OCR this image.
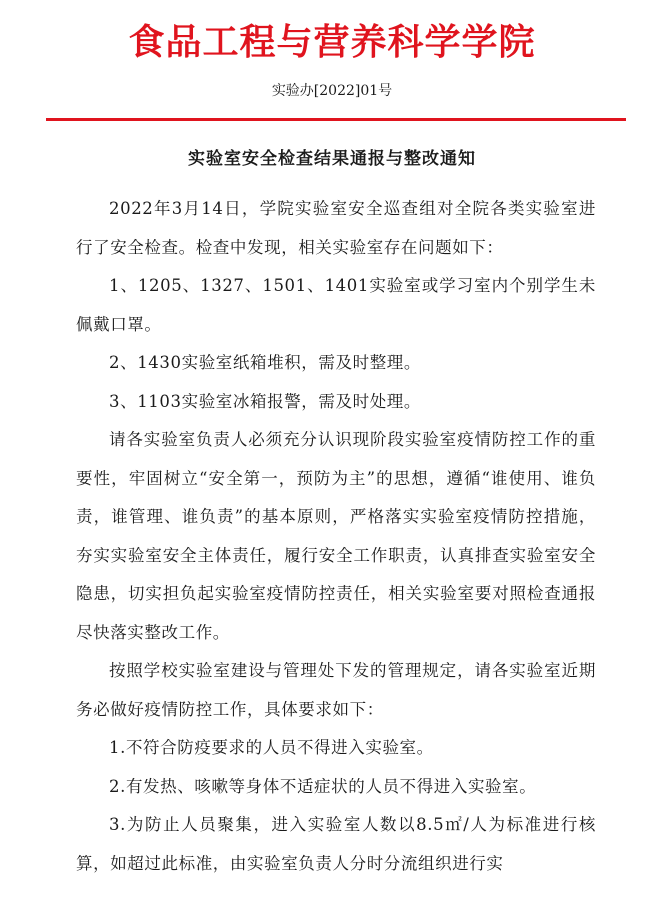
食品工程与营养科学学院
实验办[2022]01号
实验室安全检查结果通报与整改通知

2022年3月14日，学院实验室安全巡查组对全院各类实验室进行了安全检查。检查中发现，相关实验室存在问题如下：

1、1205、1327、1501、1401实验室或学习室内个别学生未佩戴口罩。

2、1430实验室纸箱堆积，需及时整理。

3、1103实验室冰箱报警，需及时处理。

请各实验室负责人必须充分认识现阶段实验室疫情防控工作的重要性，牢固树立“安全第一，预防为主”的思想，遵循“谁使用、谁负责，谁管理、谁负责”的基本原则，严格落实实验室疫情防控措施，夯实实验室安全主体责任，履行安全工作职责，认真排查实验室安全隐患，切实担负起实验室疫情防控责任，相关实验室要对照检查通报尽快落实整改工作。

按照学校实验室建设与管理处下发的管理规定，请各实验室近期务必做好疫情防控工作，具体要求如下：

1.不符合防疫要求的人员不得进入实验室。

2.有发热、咳嗽等身体不适症状的人员不得进入实验室。

3.为防止人员聚集，进入实验室人数以8.5㎡/人为标准进行核算，如超过此标准，由实验室负责人分时分流组织进行实
